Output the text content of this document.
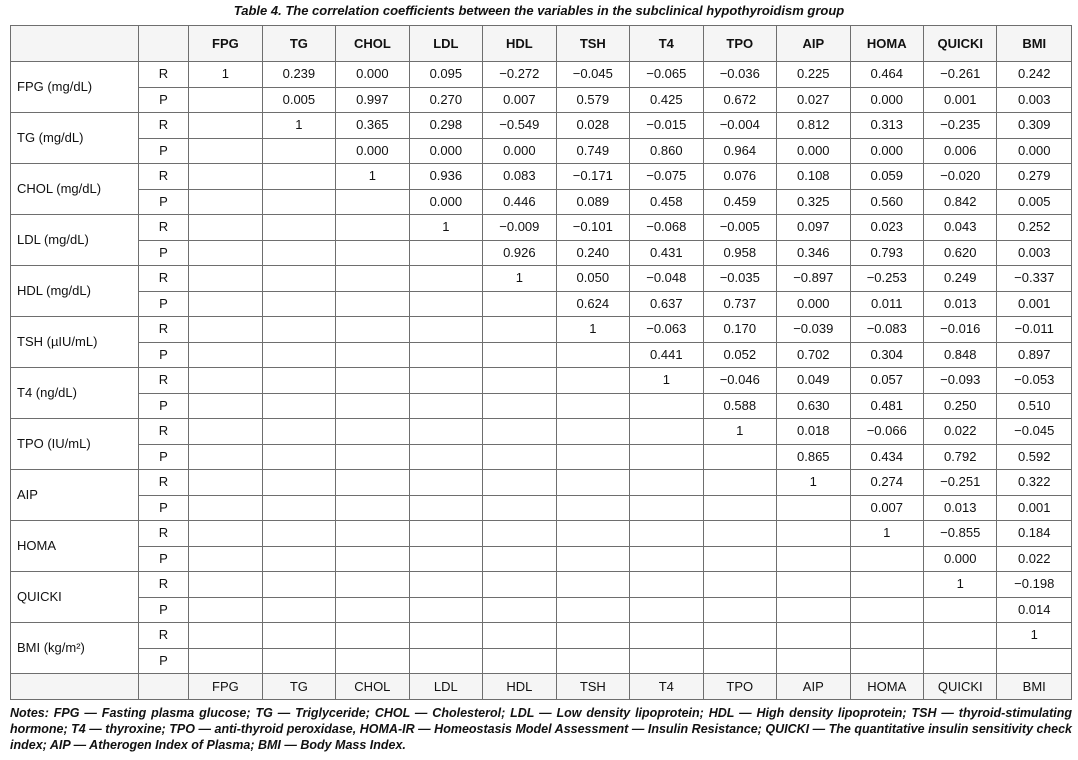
Table 4. The correlation coefficients between the variables in the subclinical hypothyroidism group
		FPG	TG	CHOL	LDL	HDL	TSH	T4	TPO	AIP	HOMA	QUICKI	BMI
FPG (mg/dL)	R	1	0.239	0.000	0.095	−0.272	−0.045	−0.065	−0.036	0.225	0.464	−0.261	0.242
	P		0.005	0.997	0.270	0.007	0.579	0.425	0.672	0.027	0.000	0.001	0.003
TG (mg/dL)	R		1	0.365	0.298	−0.549	0.028	−0.015	−0.004	0.812	0.313	−0.235	0.309
	P			0.000	0.000	0.000	0.749	0.860	0.964	0.000	0.000	0.006	0.000
CHOL (mg/dL)	R			1	0.936	0.083	−0.171	−0.075	0.076	0.108	0.059	−0.020	0.279
	P				0.000	0.446	0.089	0.458	0.459	0.325	0.560	0.842	0.005
LDL (mg/dL)	R				1	−0.009	−0.101	−0.068	−0.005	0.097	0.023	0.043	0.252
	P					0.926	0.240	0.431	0.958	0.346	0.793	0.620	0.003
HDL (mg/dL)	R					1	0.050	−0.048	−0.035	−0.897	−0.253	0.249	−0.337
	P						0.624	0.637	0.737	0.000	0.011	0.013	0.001
TSH (µIU/mL)	R						1	−0.063	0.170	−0.039	−0.083	−0.016	−0.011
	P							0.441	0.052	0.702	0.304	0.848	0.897
T4 (ng/dL)	R							1	−0.046	0.049	0.057	−0.093	−0.053
	P								0.588	0.630	0.481	0.250	0.510
TPO (IU/mL)	R								1	0.018	−0.066	0.022	−0.045
	P									0.865	0.434	0.792	0.592
AIP	R									1	0.274	−0.251	0.322
	P										0.007	0.013	0.001
HOMA	R										1	−0.855	0.184
	P											0.000	0.022
QUICKI	R											1	−0.198
	P												0.014
BMI (kg/m²)	R												1
	P												
		FPG	TG	CHOL	LDL	HDL	TSH	T4	TPO	AIP	HOMA	QUICKI	BMI
Notes: FPG — Fasting plasma glucose; TG — Triglyceride; CHOL — Cholesterol; LDL — Low density lipoprotein; HDL — High density lipoprotein; TSH — thyroid-stimulating hormone; T4 — thyroxine; TPO — anti-thyroid peroxidase, HOMA-IR — Homeostasis Model Assessment — Insulin Resistance; QUICKI — The quantitative insulin sensitivity check index; AIP — Atherogen Index of Plasma; BMI — Body Mass Index.
